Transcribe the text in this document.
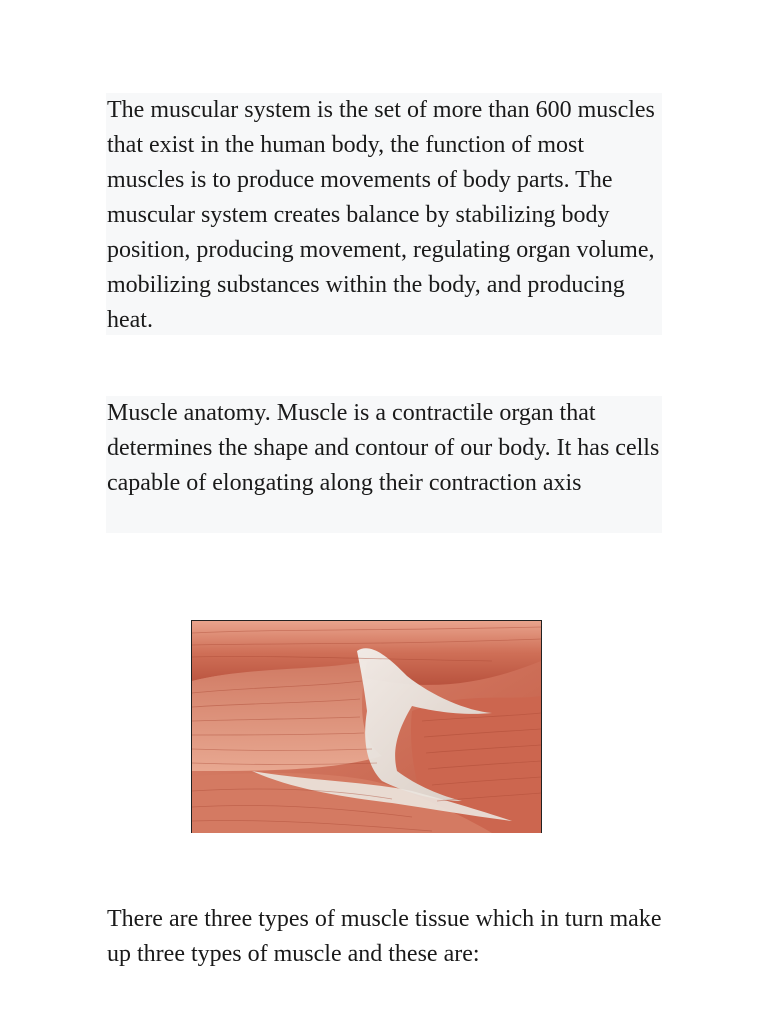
The muscular system is the set of more than 600 muscles that exist in the human body, the function of most muscles is to produce movements of body parts. The muscular system creates balance by stabilizing body position, producing movement, regulating organ volume, mobilizing substances within the body, and producing heat.

Muscle anatomy. Muscle is a contractile organ that determines the shape and contour of our body. It has cells capable of elongating along their contraction axis

There are three types of muscle tissue which in turn make up three types of muscle and these are:
